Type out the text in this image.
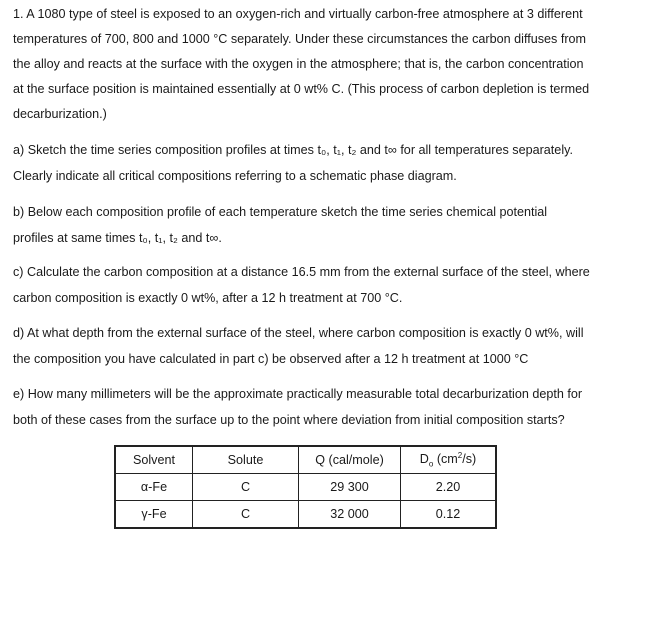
1. A 1080 type of steel is exposed to an oxygen-rich and virtually carbon-free atmosphere at 3 different
temperatures of 700, 800 and 1000 °C separately. Under these circumstances the carbon diffuses from
the alloy and reacts at the surface with the oxygen in the atmosphere; that is, the carbon concentration
at the surface position is maintained essentially at 0 wt% C. (This process of carbon depletion is termed
decarburization.)
a) Sketch the time series composition profiles at times t₀, t₁, t₂ and t∞ for all temperatures separately.
Clearly indicate all critical compositions referring to a schematic phase diagram.
b) Below each composition profile of each temperature sketch the time series chemical potential
profiles at same times t₀, t₁, t₂ and t∞.
c) Calculate the carbon composition at a distance 16.5 mm from the external surface of the steel, where
carbon composition is exactly 0 wt%, after a 12 h treatment at 700 °C.
d) At what depth from the external surface of the steel, where carbon composition is exactly 0 wt%, will
the composition you have calculated in part c) be observed after a 12 h treatment at 1000 °C
e) How many millimeters will be the approximate practically measurable total decarburization depth for
both of these cases from the surface up to the point where deviation from initial composition starts?
Solvent	Solute	Q (cal/mole)	$D_o$ $(cm^2/s)$
α-Fe	C	29 300	2.20
γ-Fe	C	32 000	0.12
